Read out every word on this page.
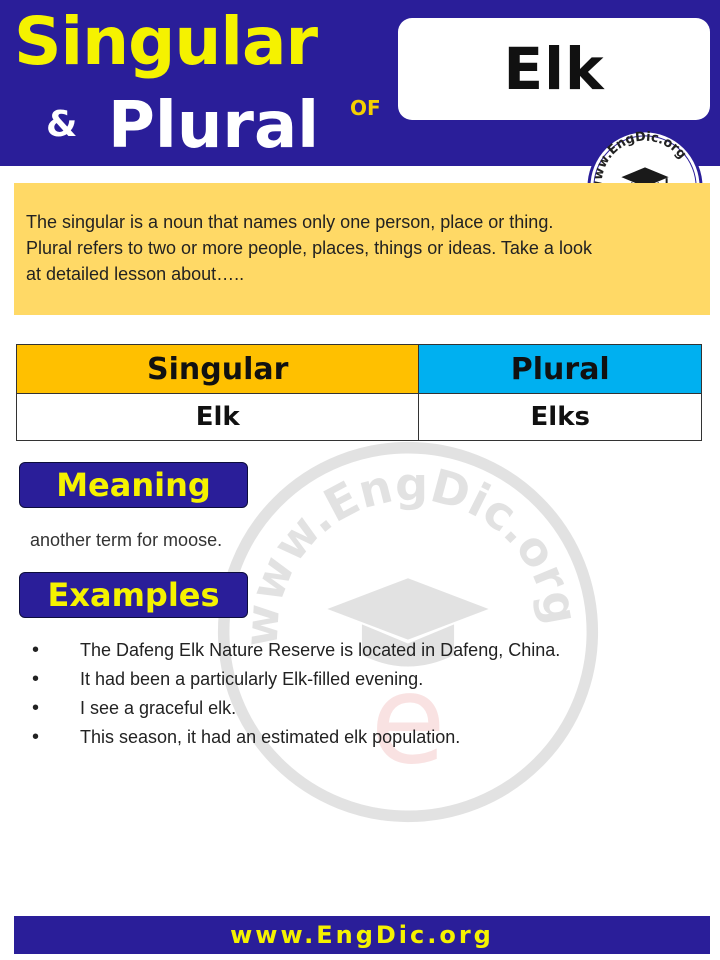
Singular
& Plural OF
Elk
www.EngDic.org
e
ww.EngDic.org
The singular is a noun that names only one person, place or thing. Plural refers to two or more people, places, things or ideas. Take a look at detailed lesson about…..
Singular	Plural
Elk	Elks
Meaning
another term for moose.
Examples
• The Dafeng Elk Nature Reserve is located in Dafeng, China.
• It had been a particularly Elk-filled evening.
• I see a graceful elk.
• This season, it had an estimated elk population.
www.EngDic.org
